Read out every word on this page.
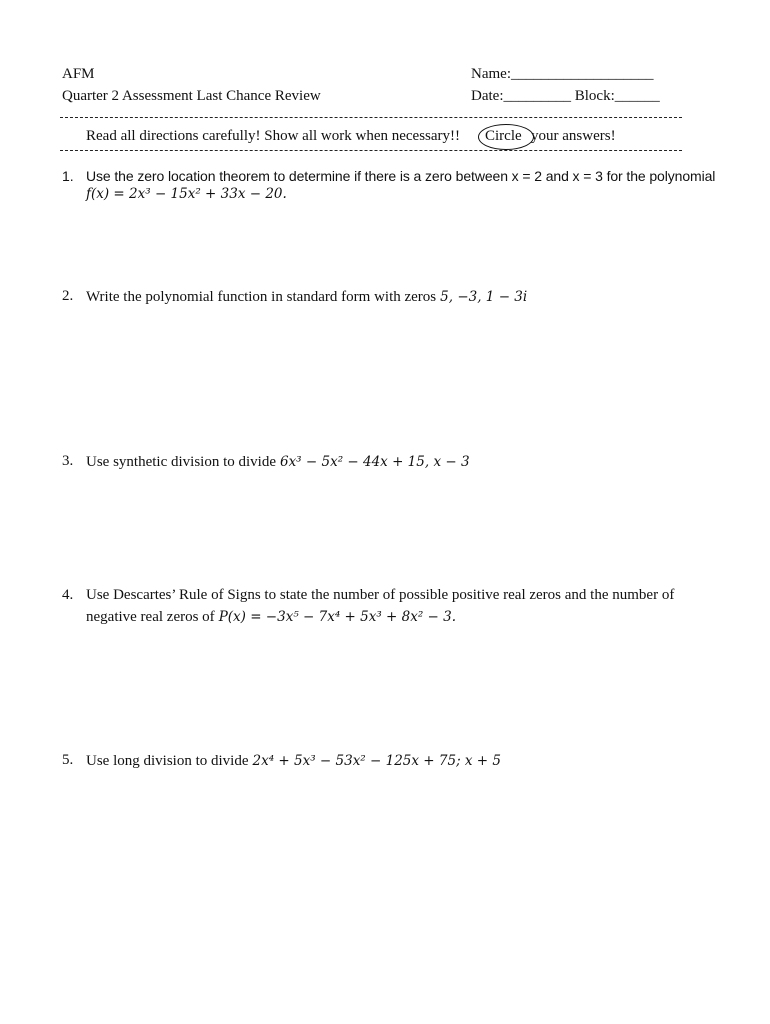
AFM
Quarter 2 Assessment Last Chance Review
Name:___________________
Date:_________ Block:______
Read all directions carefully! Show all work when necessary!! Circle your answers!
1. Use the zero location theorem to determine if there is a zero between x = 2 and x = 3 for the polynomial
f(x) = 2x³ − 15x² + 33x − 20.
2. Write the polynomial function in standard form with zeros 5, −3, 1 − 3i
3. Use synthetic division to divide 6x³ − 5x² − 44x + 15, x − 3
4. Use Descartes’ Rule of Signs to state the number of possible positive real zeros and the number of
negative real zeros of P(x) = −3x⁵ − 7x⁴ + 5x³ + 8x² − 3.
5. Use long division to divide 2x⁴ + 5x³ − 53x² − 125x + 75; x + 5
